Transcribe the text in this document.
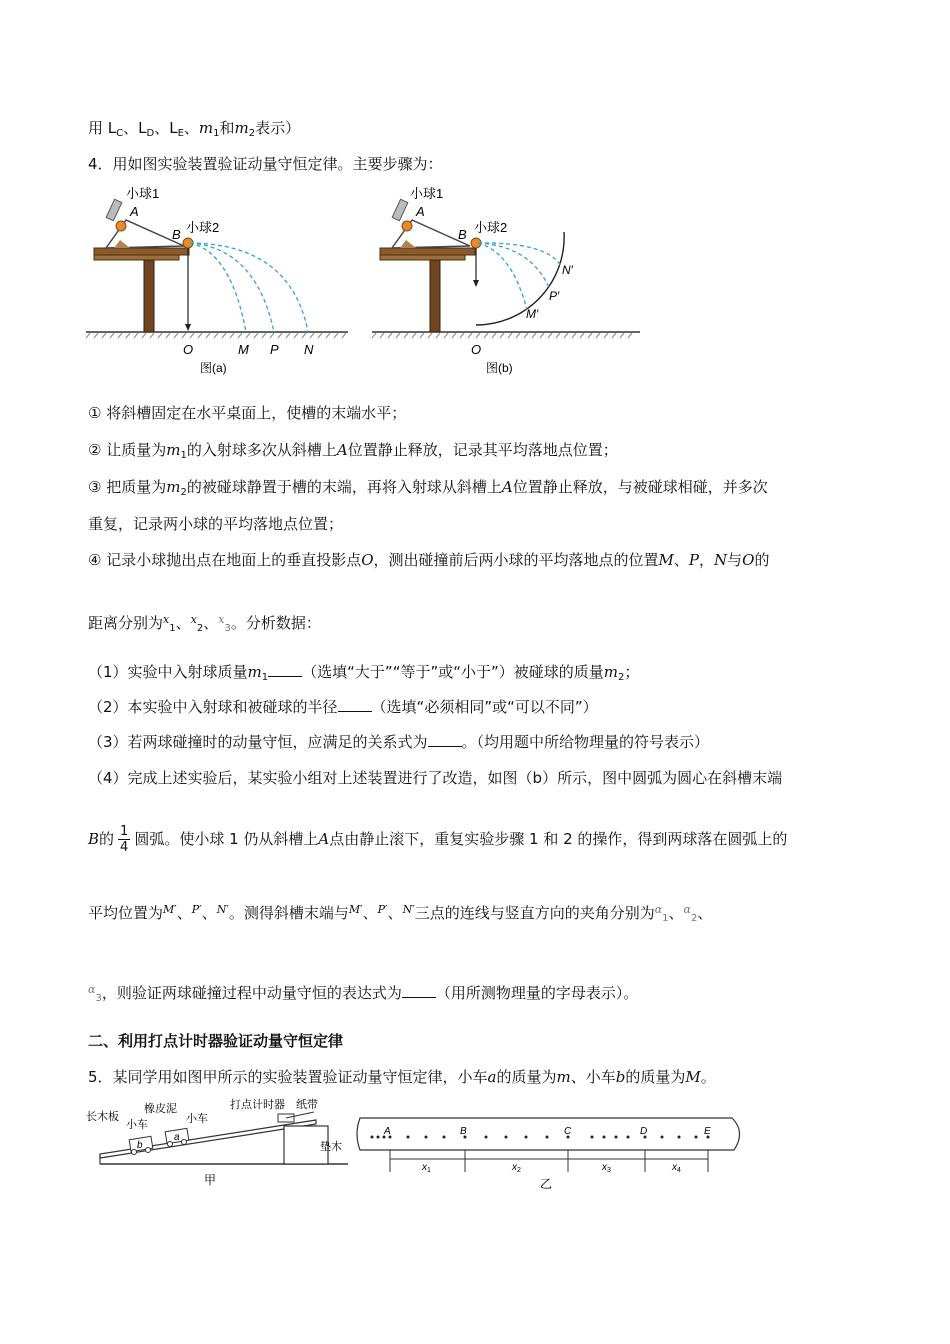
用 $L_C$、$L_D$、$L_E$、$m_1$和$m_2$表示）
4．用如图实验装置验证动量守恒定律。主要步骤为：
小球1
A
B 小球2
O	M P N
图(a)
小球1
A
B 小球2
N′
P′
M′
O
图(b)
① 将斜槽固定在水平桌面上，使槽的末端水平；
② 让质量为$m_1$的入射球多次从斜槽上A位置静止释放，记录其平均落地点位置；
③ 把质量为$m_2$的被碰球静置于槽的末端，再将入射球从斜槽上A位置静止释放，与被碰球相碰，并多次
重复，记录两小球的平均落地点位置；
④ 记录小球抛出点在地面上的垂直投影点O，测出碰撞前后两小球的平均落地点的位置M、P，N与O的
距离分别为$^x_1$、$^x_2$、$^x_3$。分析数据：
（1）实验中入射球质量$m_1$ （选填“大于”“等于”或“小于”）被碰球的质量$m_2$；
（2）本实验中入射球和被碰球的半径 （选填“必须相同”或“可以不同”）
（3）若两球碰撞时的动量守恒，应满足的关系式为 。（均用题中所给物理量的符号表示）
（4）完成上述实验后，某实验小组对上述装置进行了改造，如图（b）所示，图中圆弧为圆心在斜槽末端
B的 $\frac{1}{4}$ 圆弧。使小球 1 仍从斜槽上A点由静止滚下，重复实验步骤 1 和 2 的操作，得到两球落在圆弧上的
平均位置为$^{M'}$、$^{P'}$、$^{N'}$。测得斜槽末端与$^{M'}$、$^{P'}$、$^{N'}$三点的连线与竖直方向的夹角分别为$^\alpha_1$、$^\alpha_2$、
$^\alpha_3$，则验证两球碰撞过程中动量守恒的表达式为 （用所测物理量的字母表示）。
二、利用打点计时器验证动量守恒定律
5．某同学用如图甲所示的实验装置验证动量守恒定律，小车a的质量为m、小车b的质量为M。
长木板
橡皮泥
小车	小车
打点计时器 纸带
垫木
b
a
甲
A	B	C	D	E
$x_1$	$x_2$	$x_3$	$x_4$
乙
